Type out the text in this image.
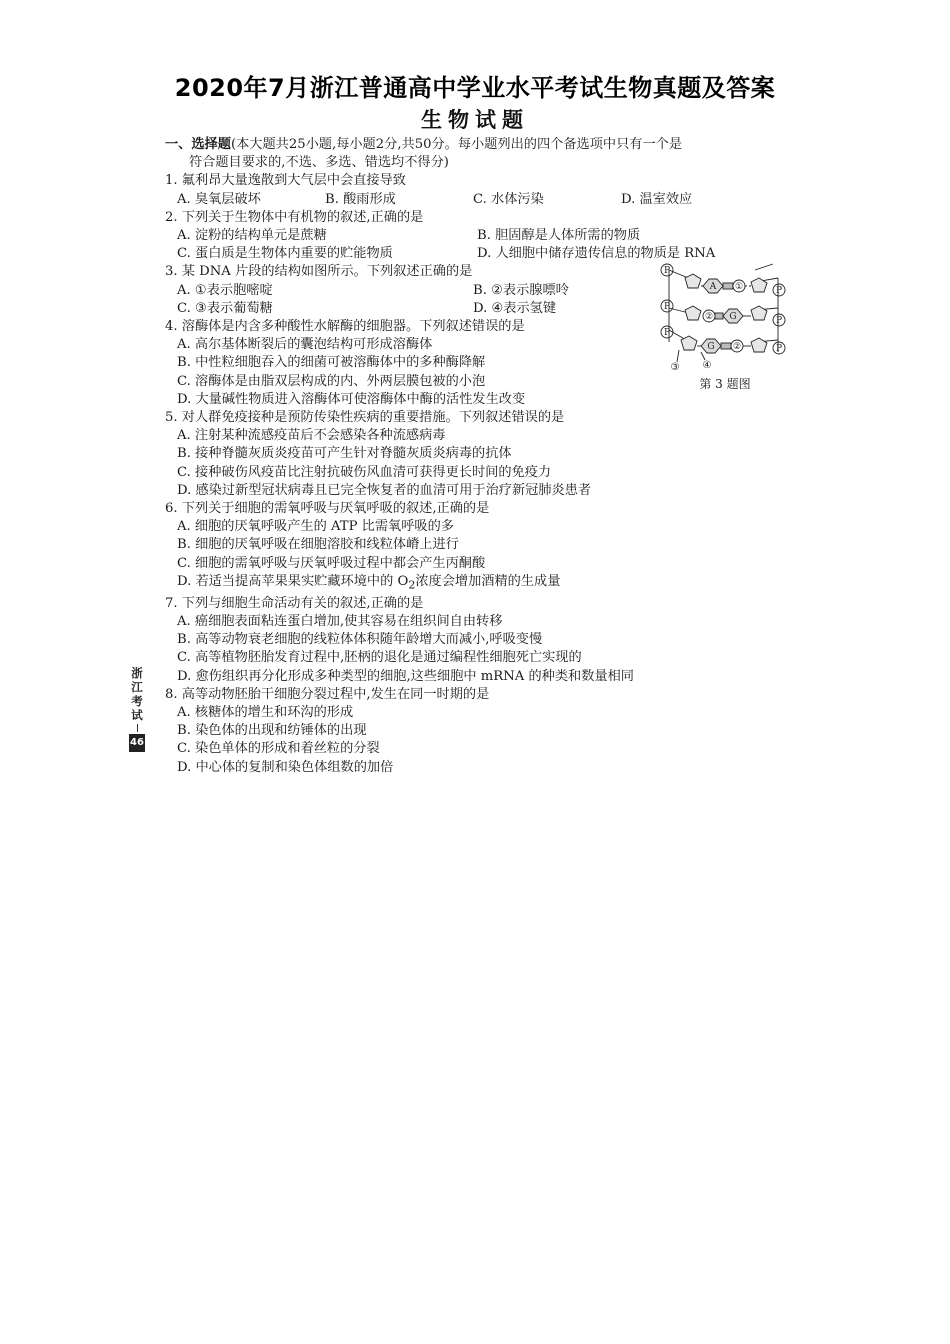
2020年7月浙江普通高中学业水平考试生物真题及答案
生物试题
一、选择题(本大题共25小题,每小题2分,共50分。每小题列出的四个备选项中只有一个是
符合题目要求的,不选、多选、错选均不得分)
1. 氟利昂大量逸散到大气层中会直接导致
A. 臭氧层破坏	B. 酸雨形成	C. 水体污染	D. 温室效应
2. 下列关于生物体中有机物的叙述,正确的是
A. 淀粉的结构单元是蔗糖	B. 胆固醇是人体所需的物质
C. 蛋白质是生物体内重要的贮能物质	D. 人细胞中储存遗传信息的物质是 RNA
3. 某 DNA 片段的结构如图所示。下列叙述正确的是
A. ①表示胞嘧啶	B. ②表示腺嘌呤
C. ③表示葡萄糖	D. ④表示氢键
4. 溶酶体是内含多种酸性水解酶的细胞器。下列叙述错误的是
A. 高尔基体断裂后的囊泡结构可形成溶酶体
B. 中性粒细胞吞入的细菌可被溶酶体中的多种酶降解
C. 溶酶体是由脂双层构成的内、外两层膜包被的小泡
D. 大量碱性物质进入溶酶体可使溶酶体中酶的活性发生改变
5. 对人群免疫接种是预防传染性疾病的重要措施。下列叙述错误的是
A. 注射某种流感疫苗后不会感染各种流感病毒
B. 接种脊髓灰质炎疫苗可产生针对脊髓灰质炎病毒的抗体
C. 接种破伤风疫苗比注射抗破伤风血清可获得更长时间的免疫力
D. 感染过新型冠状病毒且已完全恢复者的血清可用于治疗新冠肺炎患者
6. 下列关于细胞的需氧呼吸与厌氧呼吸的叙述,正确的是
A. 细胞的厌氧呼吸产生的 ATP 比需氧呼吸的多
B. 细胞的厌氧呼吸在细胞溶胶和线粒体嵴上进行
C. 细胞的需氧呼吸与厌氧呼吸过程中都会产生丙酮酸
D. 若适当提高苹果果实贮藏环境中的 $O_2$浓度会增加酒精的生成量
7. 下列与细胞生命活动有关的叙述,正确的是
A. 癌细胞表面粘连蛋白增加,使其容易在组织间自由转移
B. 高等动物衰老细胞的线粒体体积随年龄增大而减小,呼吸变慢
C. 高等植物胚胎发育过程中,胚柄的退化是通过编程性细胞死亡实现的
D. 愈伤组织再分化形成多种类型的细胞,这些细胞中 mRNA 的种类和数量相同
8. 高等动物胚胎干细胞分裂过程中,发生在同一时期的是
A. 核糖体的增生和环沟的形成
B. 染色体的出现和纺锤体的出现
C. 染色单体的形成和着丝粒的分裂
D. 中心体的复制和染色体组数的加倍
P
P
P
P
P
P
A ①
② G
G ②
③ ④
第 3 题图
浙
江
考
试
46
